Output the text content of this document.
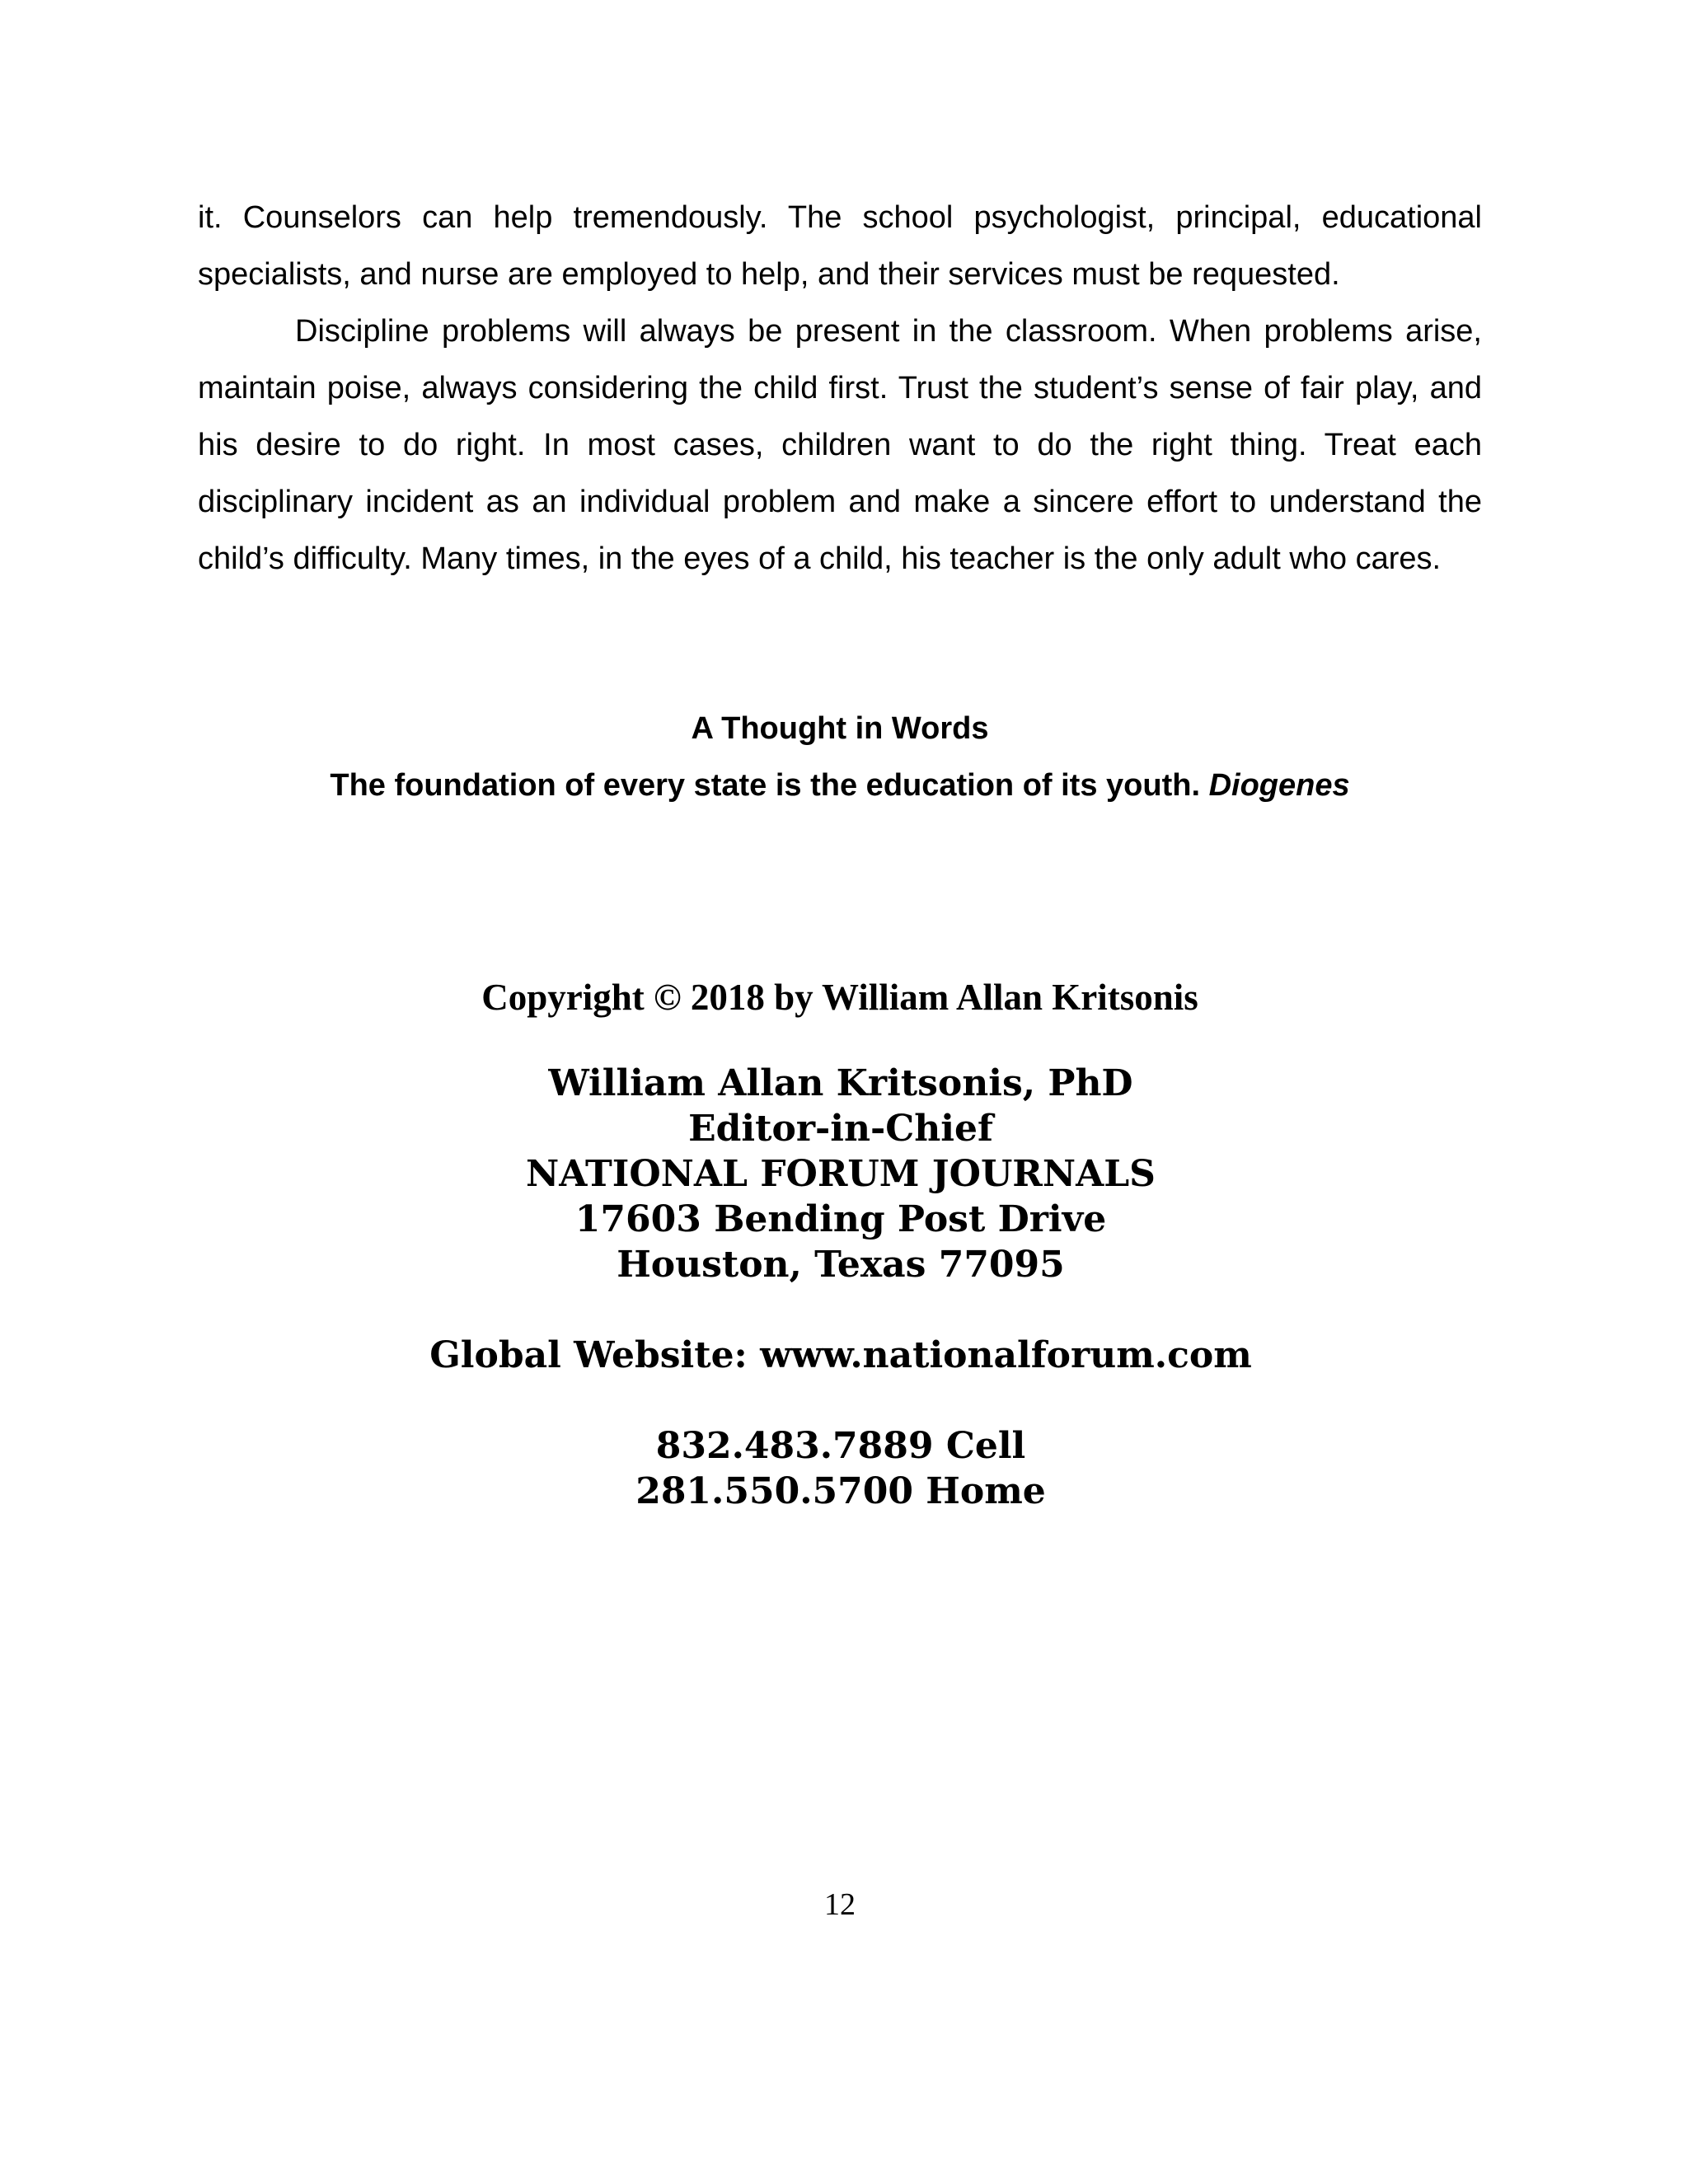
it. Counselors can help tremendously. The school psychologist, principal, educational specialists, and nurse are employed to help, and their services must be requested.

Discipline problems will always be present in the classroom. When problems arise, maintain poise, always considering the child first. Trust the student’s sense of fair play, and his desire to do right. In most cases, children want to do the right thing. Treat each disciplinary incident as an individual problem and make a sincere effort to understand the child’s difficulty. Many times, in the eyes of a child, his teacher is the only adult who cares.

A Thought in Words
The foundation of every state is the education of its youth. Diogenes
Copyright © 2018 by William Allan Kritsonis
William Allan Kritsonis, PhD
Editor-in-Chief
NATIONAL FORUM JOURNALS
17603 Bending Post Drive
Houston, Texas 77095
Global Website: www.nationalforum.com
832.483.7889 Cell
281.550.5700 Home
12
